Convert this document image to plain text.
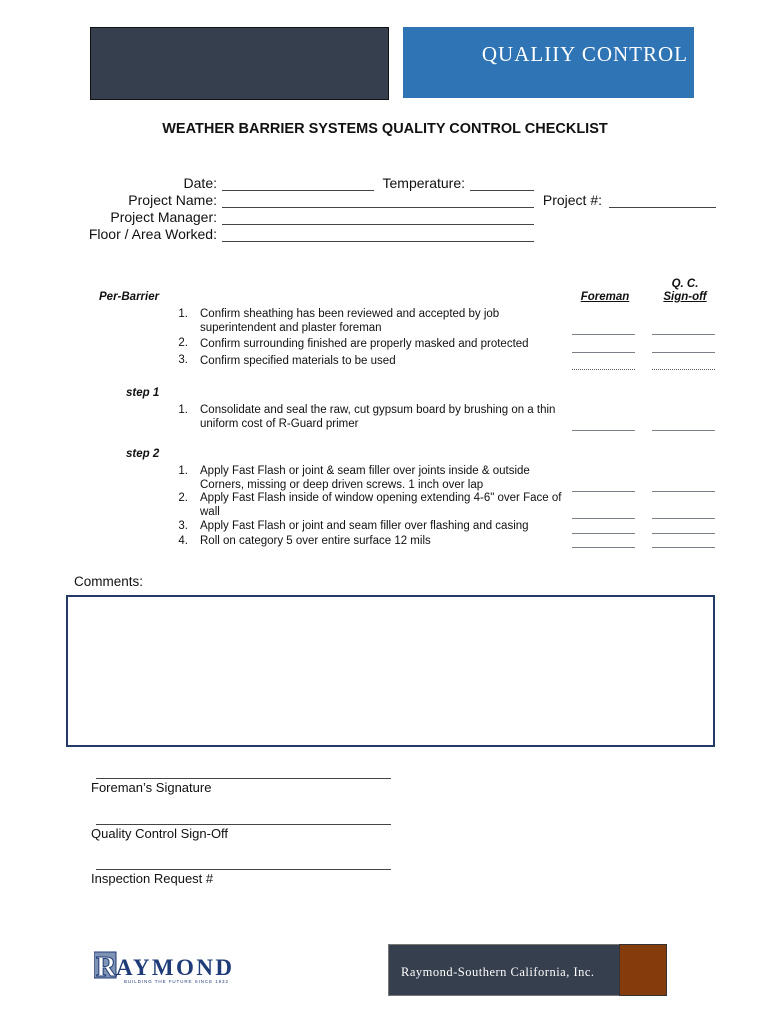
QUALIIY CONTROL
WEATHER BARRIER SYSTEMS QUALITY CONTROL CHECKLIST
Date:	Temperature:
Project Name:	Project #:
Project Manager:
Floor / Area Worked:
Foreman
Q. C.
Sign-off
Per-Barrier
1. Confirm sheathing has been reviewed and accepted by job superintendent and plaster foreman
2. Confirm surrounding finished are properly masked and protected
3. Confirm specified materials to be used
step 1
1. Consolidate and seal the raw, cut gypsum board by brushing on a thin uniform cost of R-Guard primer
step 2
1. Apply Fast Flash or joint & seam filler over joints inside & outside Corners, missing or deep driven screws. 1 inch over lap
2. Apply Fast Flash inside of window opening extending 4-6" over Face of wall
3. Apply Fast Flash or joint and seam filler over flashing and casing
4. Roll on category 5 over entire surface 12 mils
Comments:
Foreman’s Signature
Quality Control Sign-Off
Inspection Request #
R AYMOND
BUILDING THE FUTURE SINCE 1932
Raymond-Southern California, Inc.
